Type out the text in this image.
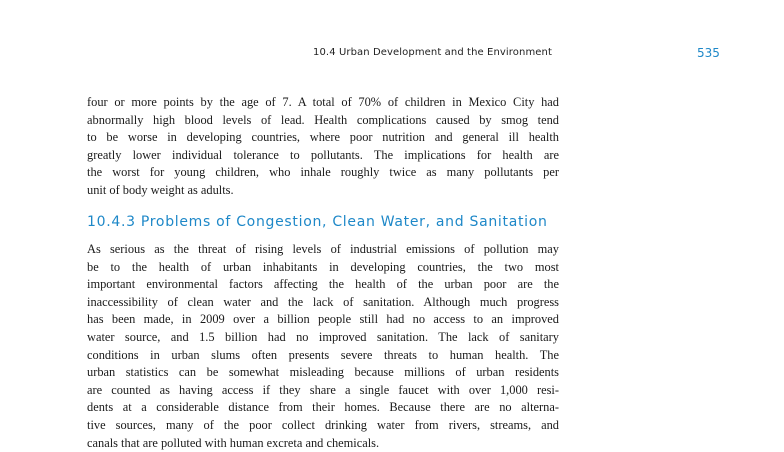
10.4 Urban Development and the Environment	535
four or more points by the age of 7. A total of 70% of children in Mexico City had
abnormally high blood levels of lead. Health complications caused by smog tend
to be worse in developing countries, where poor nutrition and general ill health
greatly lower individual tolerance to pollutants. The implications for health are
the worst for young children, who inhale roughly twice as many pollutants per
unit of body weight as adults.
10.4.3 Problems of Congestion, Clean Water, and Sanitation
As serious as the threat of rising levels of industrial emissions of pollution may
be to the health of urban inhabitants in developing countries, the two most
important environmental factors affecting the health of the urban poor are the
inaccessibility of clean water and the lack of sanitation. Although much progress
has been made, in 2009 over a billion people still had no access to an improved
water source, and 1.5 billion had no improved sanitation. The lack of sanitary
conditions in urban slums often presents severe threats to human health. The
urban statistics can be somewhat misleading because millions of urban residents
are counted as having access if they share a single faucet with over 1,000 resi-
dents at a considerable distance from their homes. Because there are no alterna-
tive sources, many of the poor collect drinking water from rivers, streams, and
canals that are polluted with human excreta and chemicals.
